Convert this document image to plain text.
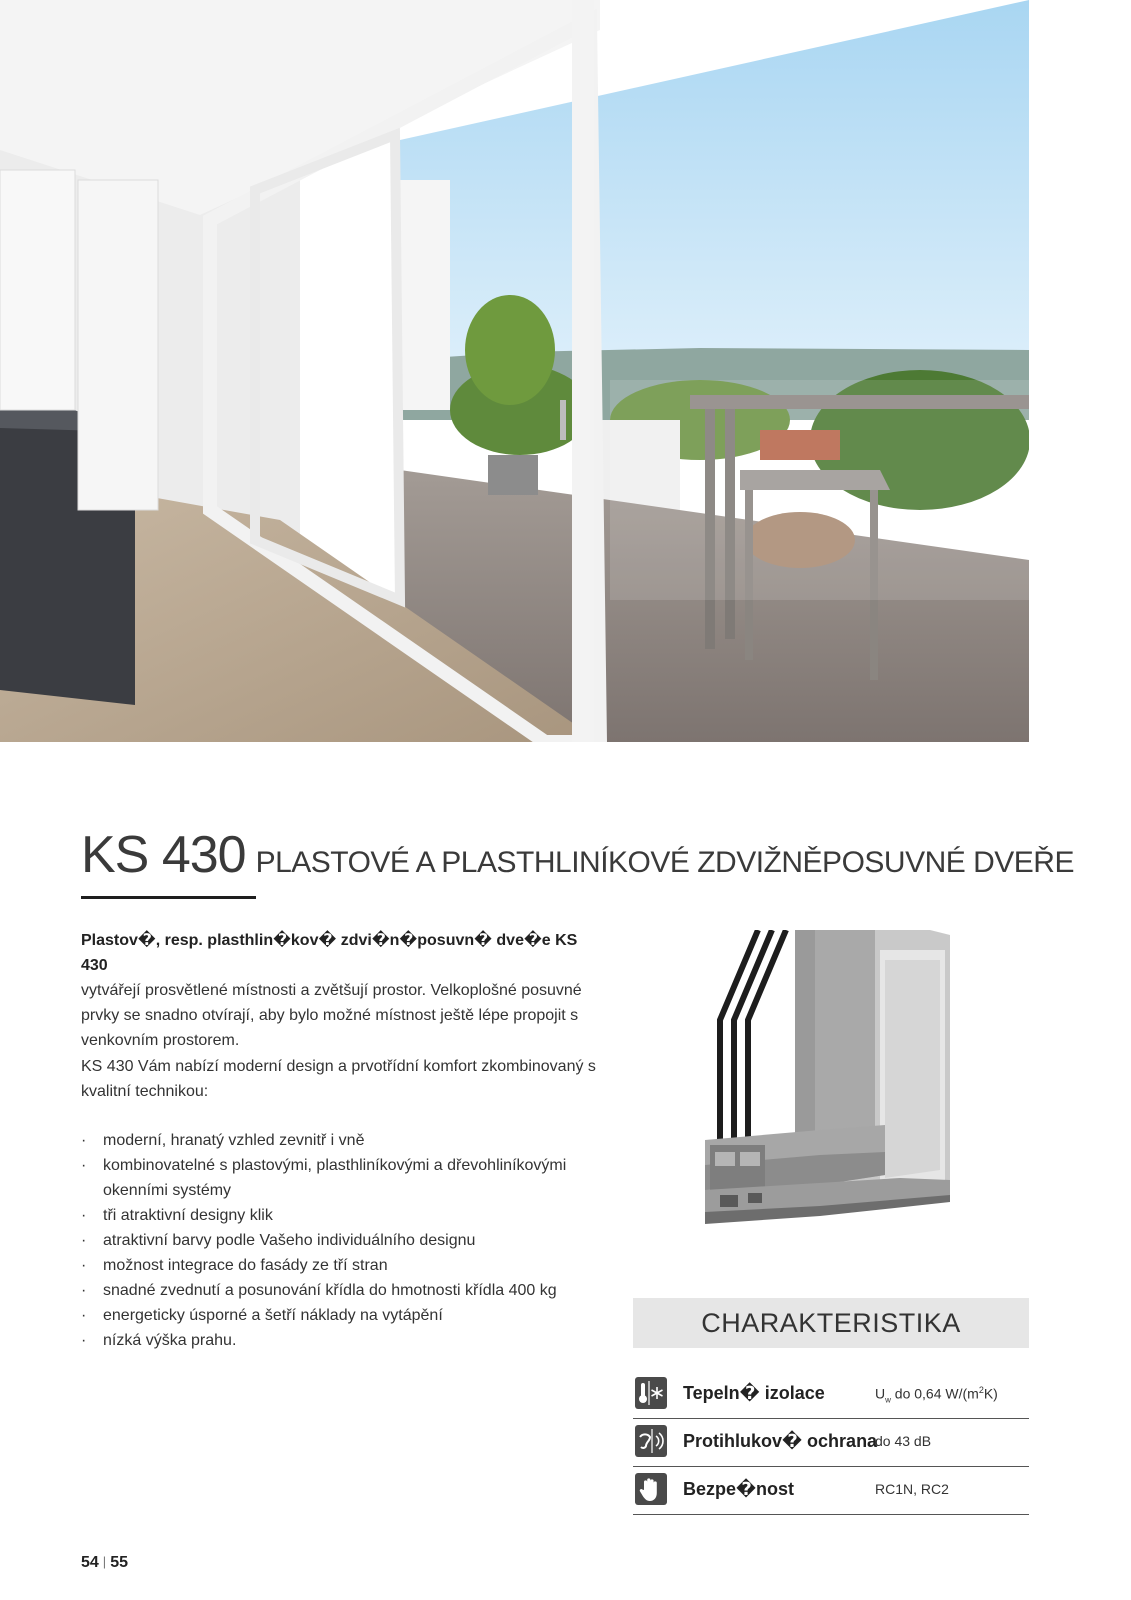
KS 430 PLASTOVÉ A PLASTHLINÍKOVÉ ZDVIŽNĚPOSUVNÉ DVEŘE
Plastov�, resp. plasthlin�kov� zdvi�n�posuvn� dve�e KS 430
vytvářejí prosvětlené místnosti a zvětšují prostor. Velkoplošné posuvné prvky se snadno otvírají, aby bylo možné místnost ještě lépe propojit s venkovním prostorem.
KS 430 Vám nabízí moderní design a prvotřídní komfort zkombinovaný s kvalitní technikou:
· moderní, hranatý vzhled zevnitř i vně
· kombinovatelné s plastovými, plasthliníkovými a dřevohliníkovými okenními systémy
· tři atraktivní designy klik
· atraktivní barvy podle Vašeho individuálního designu
· možnost integrace do fasády ze tří stran
· snadné zvednutí a posunování křídla do hmotnosti křídla 400 kg
· energeticky úsporné a šetří náklady na vytápění
· nízká výška prahu.
CHARAKTERISTIKA
Tepeln� izolace	$U_w$ do 0,64 $W/(m^2K)$
Protihlukov� ochrana
do 43 dB
Bezpe�nost	RC1N, RC2
54 | 55
